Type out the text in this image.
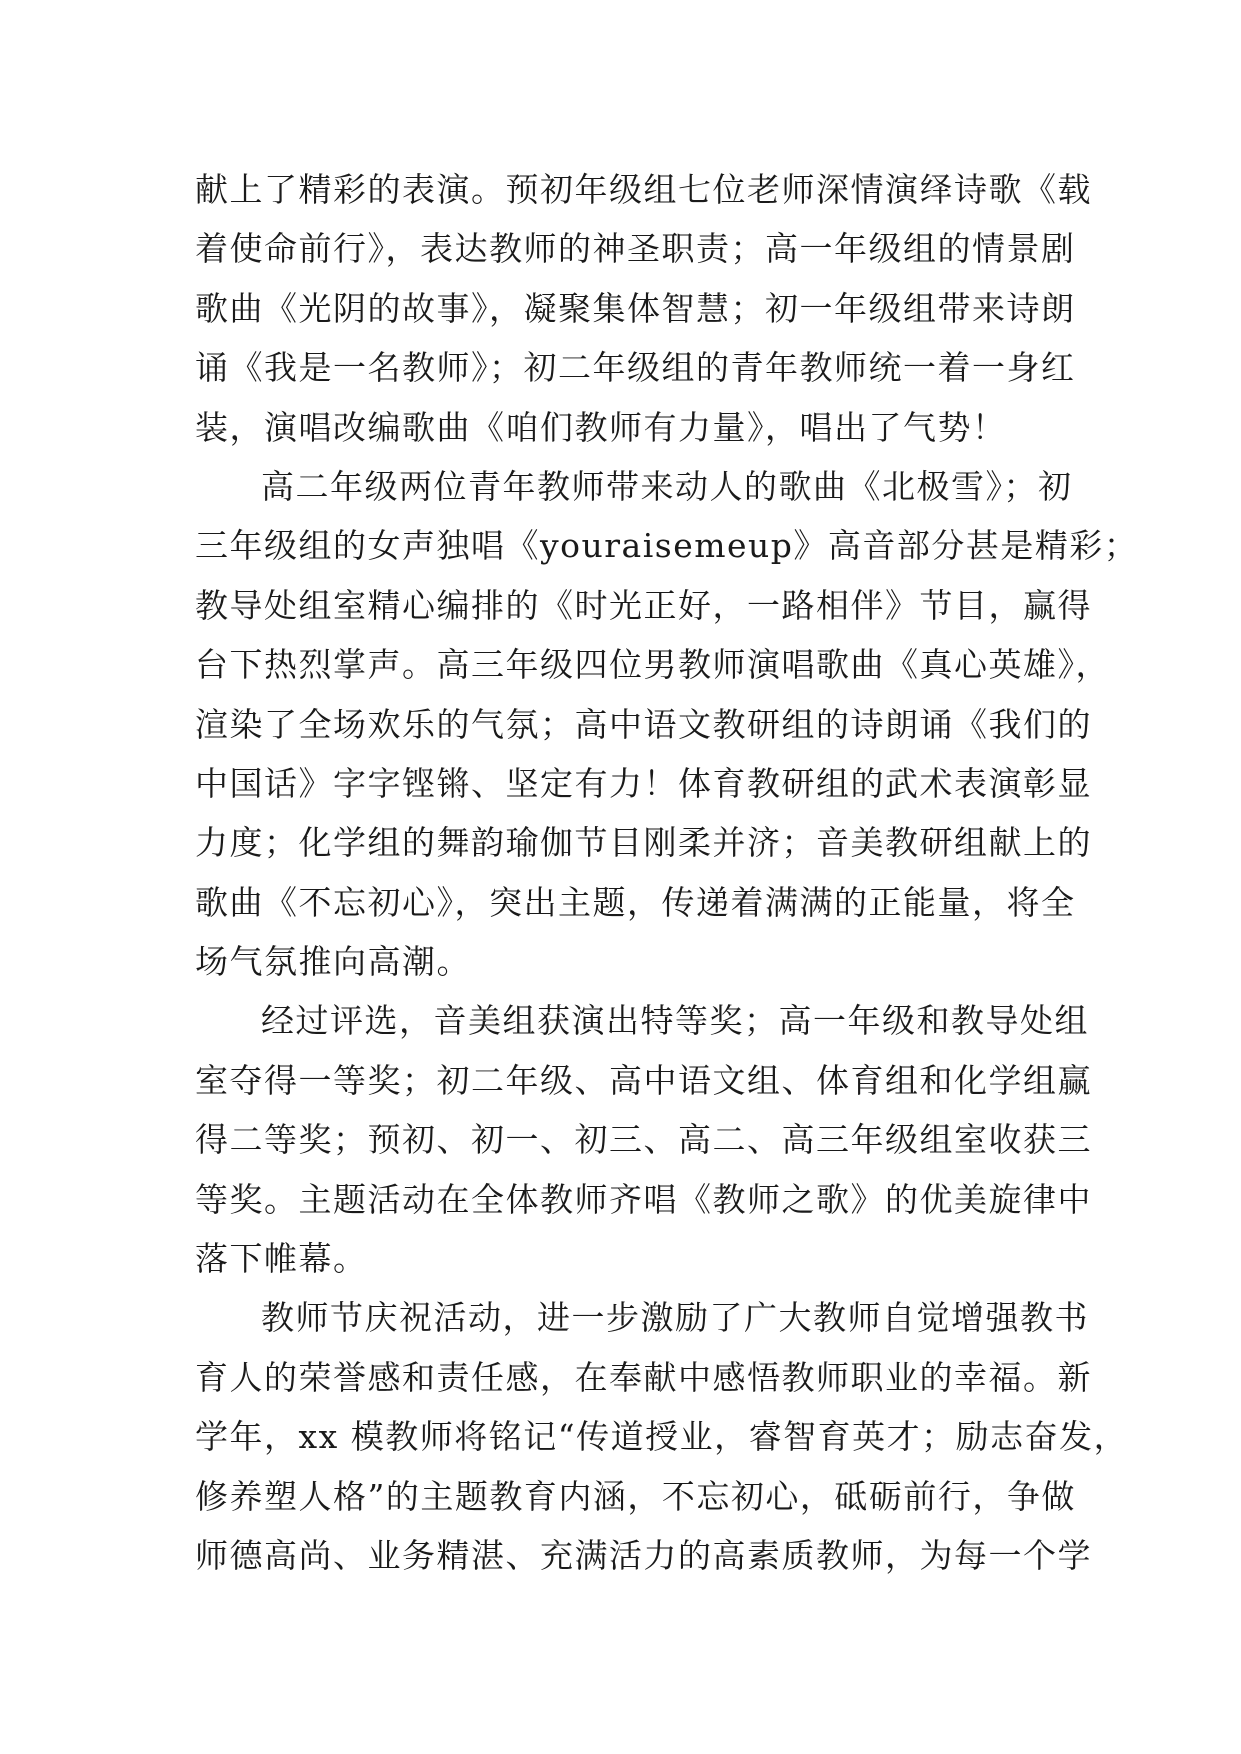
献上了精彩的表演。预初年级组七位老师深情演绎诗歌《载
着使命前行》，表达教师的神圣职责；高一年级组的情景剧
歌曲《光阴的故事》，凝聚集体智慧；初一年级组带来诗朗
诵《我是一名教师》；初二年级组的青年教师统一着一身红
装，演唱改编歌曲《咱们教师有力量》，唱出了气势！
高二年级两位青年教师带来动人的歌曲《北极雪》；初
三年级组的女声独唱《youraisemeup》高音部分甚是精彩；
教导处组室精心编排的《时光正好，一路相伴》节目，赢得
台下热烈掌声。高三年级四位男教师演唱歌曲《真心英雄》，
渲染了全场欢乐的气氛；高中语文教研组的诗朗诵《我们的
中国话》字字铿锵、坚定有力！体育教研组的武术表演彰显
力度；化学组的舞韵瑜伽节目刚柔并济；音美教研组献上的
歌曲《不忘初心》，突出主题，传递着满满的正能量，将全
场气氛推向高潮。
经过评选，音美组获演出特等奖；高一年级和教导处组
室夺得一等奖；初二年级、高中语文组、体育组和化学组赢
得二等奖；预初、初一、初三、高二、高三年级组室收获三
等奖。主题活动在全体教师齐唱《教师之歌》的优美旋律中
落下帷幕。
教师节庆祝活动，进一步激励了广大教师自觉增强教书
育人的荣誉感和责任感，在奉献中感悟教师职业的幸福。新
学年，xx 模教师将铭记“传道授业，睿智育英才；励志奋发，
修养塑人格”的主题教育内涵，不忘初心，砥砺前行，争做
师德高尚、业务精湛、充满活力的高素质教师，为每一个学
